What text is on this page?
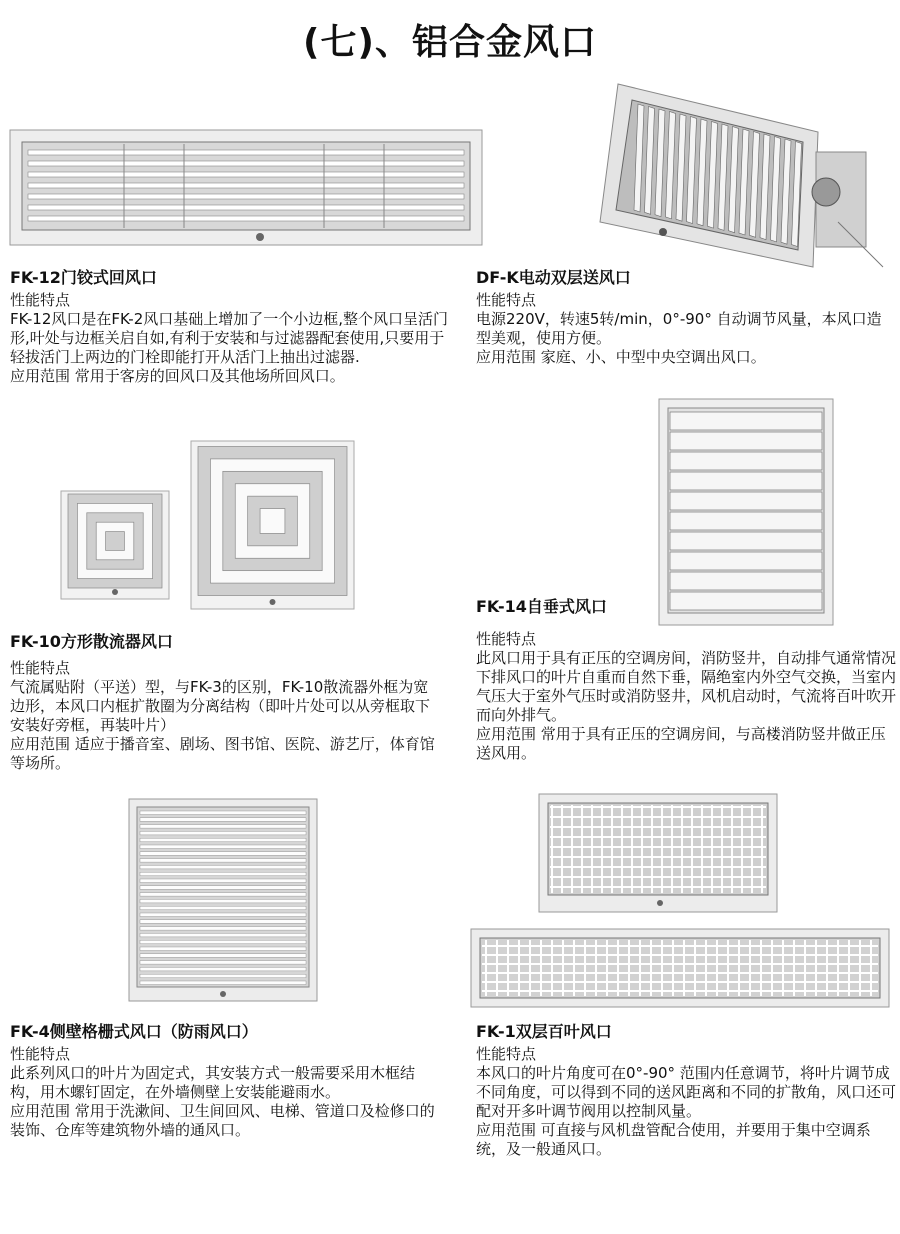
(七)、铝合金风口
FK-12门铰式回风口

性能特点

FK-12风口是在FK-2风口基础上增加了一个小边框,整个风口呈活门形,叶处与边框关启自如,有利于安装和与过滤器配套使用,只要用于轻拔活门上两边的门栓即能打开从活门上抽出过滤器.

应用范围 常用于客房的回风口及其他场所回风口。

DF-K电动双层送风口

性能特点

电源220V，转速5转/min，0°-90° 自动调节风量，本风口造型美观，使用方便。

应用范围 家庭、小、中型中央空调出风口。

FK-14自垂式风口

性能特点

此风口用于具有正压的空调房间，消防竖井，自动排气通常情况下排风口的叶片自重而自然下垂，隔绝室内外空气交换，当室内气压大于室外气压时或消防竖井，风机启动时，气流将百叶吹开而向外排气。

应用范围 常用于具有正压的空调房间，与高楼消防竖井做正压送风用。

FK-10方形散流器风口

性能特点

气流属贴附（平送）型，与FK-3的区别，FK-10散流器外框为宽边形，本风口内框扩散圈为分离结构（即叶片处可以从旁框取下安装好旁框，再装叶片）

应用范围 适应于播音室、剧场、图书馆、医院、游艺厅，体育馆等场所。

FK-4侧壁格栅式风口（防雨风口）

性能特点

此系列风口的叶片为固定式，其安装方式一般需要采用木框结构，用木螺钉固定，在外墙侧壁上安装能避雨水。

应用范围 常用于洗漱间、卫生间回风、电梯、管道口及检修口的装饰、仓库等建筑物外墙的通风口。

FK-1双层百叶风口

性能特点

本风口的叶片角度可在0°-90° 范围内任意调节，将叶片调节成不同角度，可以得到不同的送风距离和不同的扩散角，风口还可配对开多叶调节阀用以控制风量。

应用范围 可直接与风机盘管配合使用，并要用于集中空调系统，及一般通风口。
